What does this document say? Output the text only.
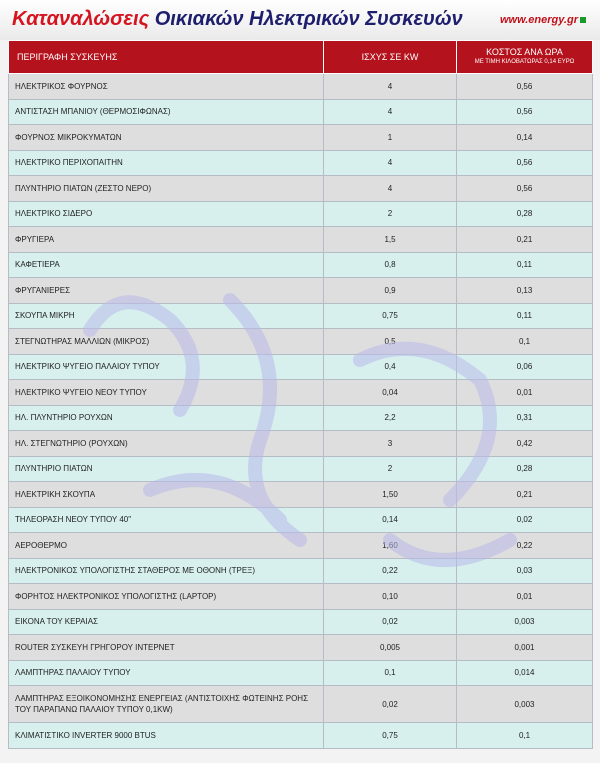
Καταναλώσεις Οικιακών Ηλεκτρικών Συσκευών	www.energy.gr
ΠΕΡΙΓΡΑΦΗ ΣΥΣΚΕΥΗΣ	ΙΣΧΥΣ ΣΕ KW	ΚΟΣΤΟΣ ΑΝΑ ΩΡΑ
ΜΕ ΤΙΜΗ ΚΙΛΟΒΑΤΩΡΑΣ 0,14 ΕΥΡΩ

ΗΛΕΚΤΡΙΚΟΣ ΦΟΥΡΝΟΣ	4	0,56
ΑΝΤΙΣΤΑΣΗ ΜΠΑΝΙΟΥ (ΘΕΡΜΟΣΙΦΩΝΑΣ)	4	0,56
ΦΟΥΡΝΟΣ ΜΙΚΡΟΚΥΜΑΤΩΝ	1	0,14
ΗΛΕΚΤΡΙΚΟ ΠΕΡΙΧΟΠΑΙΤΗΝ	4	0,56
ΠΛΥΝΤΗΡΙΟ ΠΙΑΤΩΝ (ΖΕΣΤΟ ΝΕΡΟ)	4	0,56
ΗΛΕΚΤΡΙΚΟ ΣΙΔΕΡΟ	2	0,28
ΦΡΥΓΙΕΡΑ	1,5	0,21
ΚΑΦΕΤΙΕΡΑ	0,8	0,11
ΦΡΥΓΑΝΙΕΡΕΣ	0,9	0,13
ΣΚΟΥΠΑ ΜΙΚΡΗ	0,75	0,11
ΣΤΕΓΝΩΤΗΡΑΣ ΜΑΛΛΙΩΝ (ΜΙΚΡΟΣ)	0,5	0,1
ΗΛΕΚΤΡΙΚΟ ΨΥΓΕΙΟ ΠΑΛΑΙΟΥ ΤΥΠΟΥ	0,4	0,06
ΗΛΕΚΤΡΙΚΟ ΨΥΓΕΙΟ ΝΕΟΥ ΤΥΠΟΥ	0,04	0,01
ΗΛ. ΠΛΥΝΤΗΡΙΟ ΡΟΥΧΩΝ	2,2	0,31
ΗΛ. ΣΤΕΓΝΩΤΗΡΙΟ (ΡΟΥΧΩΝ)	3	0,42
ΠΛΥΝΤΗΡΙΟ ΠΙΑΤΩΝ	2	0,28
ΗΛΕΚΤΡΙΚΗ ΣΚΟΥΠΑ	1,50	0,21
ΤΗΛΕΟΡΑΣΗ ΝΕΟΥ ΤΥΠΟΥ 40"	0,14	0,02
ΑΕΡΟΘΕΡΜΟ	1,60	0,22
ΗΛΕΚΤΡΟΝΙΚΟΣ ΥΠΟΛΟΓΙΣΤΗΣ ΣΤΑΘΕΡΟΣ ΜΕ ΟΘΟΝΗ (ΤΡΕΞ)	0,22	0,03
ΦΟΡΗΤΟΣ ΗΛΕΚΤΡΟΝΙΚΟΣ ΥΠΟΛΟΓΙΣΤΗΣ (LAPTOP)	0,10	0,01
ΕΙΚΟΝΑ ΤΟΥ ΚΕΡΑΙΑΣ	0,02	0,003
ROUTER ΣΥΣΚΕΥΗ ΓΡΗΓΟΡΟΥ ΙΝΤΕΡΝΕΤ	0,005	0,001
ΛΑΜΠΤΗΡΑΣ ΠΑΛΑΙΟΥ ΤΥΠΟΥ	0,1	0,014
ΛΑΜΠΤΗΡΑΣ ΕΞΟΙΚΟΝΟΜΗΣΗΣ ΕΝΕΡΓΕΙΑΣ (ΑΝΤΙΣΤΟΙΧΗΣ ΦΩΤΕΙΝΗΣ ΡΟΗΣ ΤΟΥ ΠΑΡΑΠΑΝΩ ΠΑΛΑΙΟΥ ΤΥΠΟΥ 0,1KW)	0,02	0,003
ΚΛΙΜΑΤΙΣΤΙΚΟ INVERTER 9000 BTUS	0,75	0,1
